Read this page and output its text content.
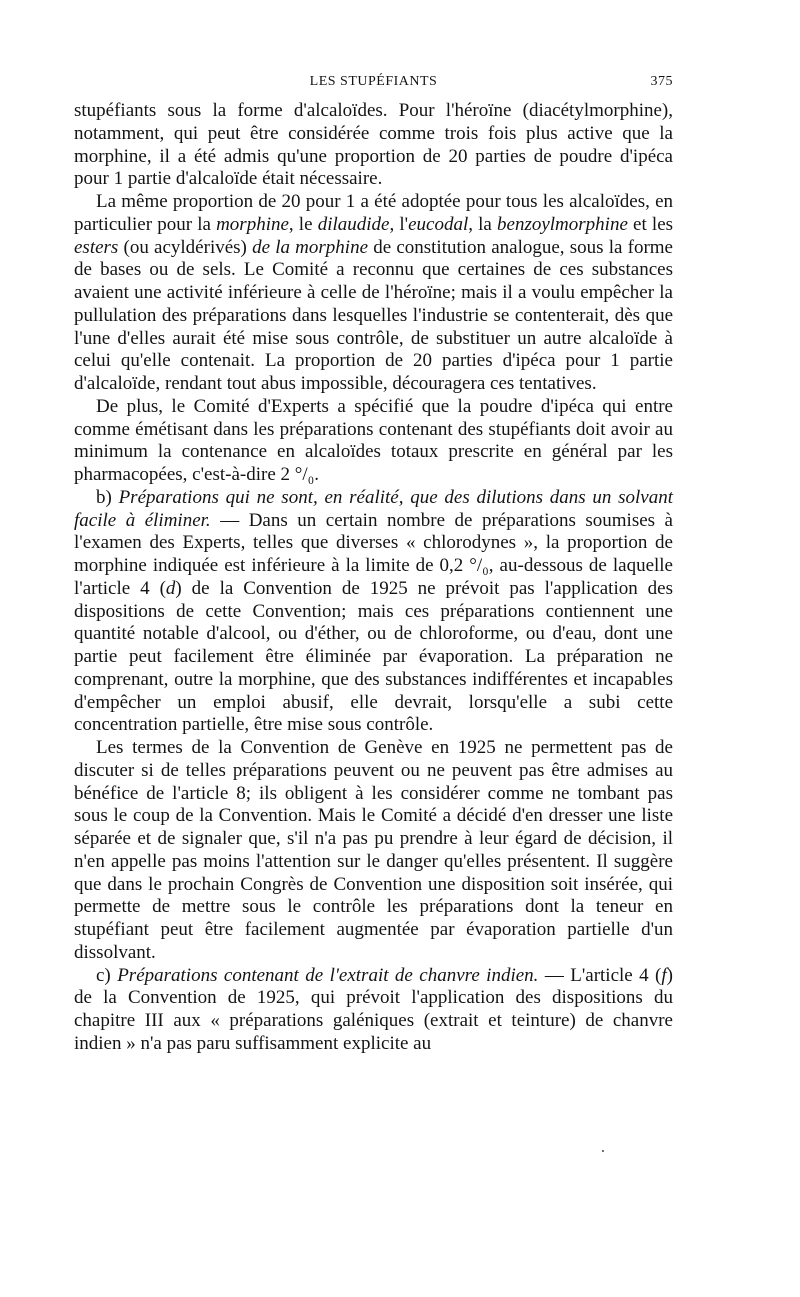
LES STUPÉFIANTS	375

stupéfiants sous la forme d'alcaloïdes. Pour l'héroïne (diacétylmorphine), notamment, qui peut être considérée comme trois fois plus active que la morphine, il a été admis qu'une proportion de 20 parties de poudre d'ipéca pour 1 partie d'alcaloïde était nécessaire.

La même proportion de 20 pour 1 a été adoptée pour tous les alcaloïdes, en particulier pour la morphine, le dilaudide, l'eucodal, la benzoylmorphine et les esters (ou acyldérivés) de la morphine de constitution analogue, sous la forme de bases ou de sels. Le Comité a reconnu que certaines de ces substances avaient une activité inférieure à celle de l'héroïne; mais il a voulu empêcher la pullulation des préparations dans lesquelles l'industrie se contenterait, dès que l'une d'elles aurait été mise sous contrôle, de substituer un autre alcaloïde à celui qu'elle contenait. La proportion de 20 parties d'ipéca pour 1 partie d'alcaloïde, rendant tout abus impossible, découragera ces tentatives.

De plus, le Comité d'Experts a spécifié que la poudre d'ipéca qui entre comme émétisant dans les préparations contenant des stupéfiants doit avoir au minimum la contenance en alcaloïdes totaux prescrite en général par les pharmacopées, c'est-à-dire 2 °/₀.

b) Préparations qui ne sont, en réalité, que des dilutions dans un solvant facile à éliminer. — Dans un certain nombre de préparations soumises à l'examen des Experts, telles que diverses « chlorodynes », la proportion de morphine indiquée est inférieure à la limite de 0,2 °/₀, au-dessous de laquelle l'article 4 (d) de la Convention de 1925 ne prévoit pas l'application des dispositions de cette Convention; mais ces préparations contiennent une quantité notable d'alcool, ou d'éther, ou de chloroforme, ou d'eau, dont une partie peut facilement être éliminée par évaporation. La préparation ne comprenant, outre la morphine, que des substances indifférentes et incapables d'empêcher un emploi abusif, elle devrait, lorsqu'elle a subi cette concentration partielle, être mise sous contrôle.

Les termes de la Convention de Genève en 1925 ne permettent pas de discuter si de telles préparations peuvent ou ne peuvent pas être admises au bénéfice de l'article 8; ils obligent à les considérer comme ne tombant pas sous le coup de la Convention. Mais le Comité a décidé d'en dresser une liste séparée et de signaler que, s'il n'a pas pu prendre à leur égard de décision, il n'en appelle pas moins l'attention sur le danger qu'elles présentent. Il suggère que dans le prochain Congrès de Convention une disposition soit insérée, qui permette de mettre sous le contrôle les préparations dont la teneur en stupéfiant peut être facilement augmentée par évaporation partielle d'un dissolvant.

c) Préparations contenant de l'extrait de chanvre indien. — L'article 4 (f) de la Convention de 1925, qui prévoit l'application des dispositions du chapitre III aux « préparations galéniques (extrait et teinture) de chanvre indien » n'a pas paru suffisamment explicite au
